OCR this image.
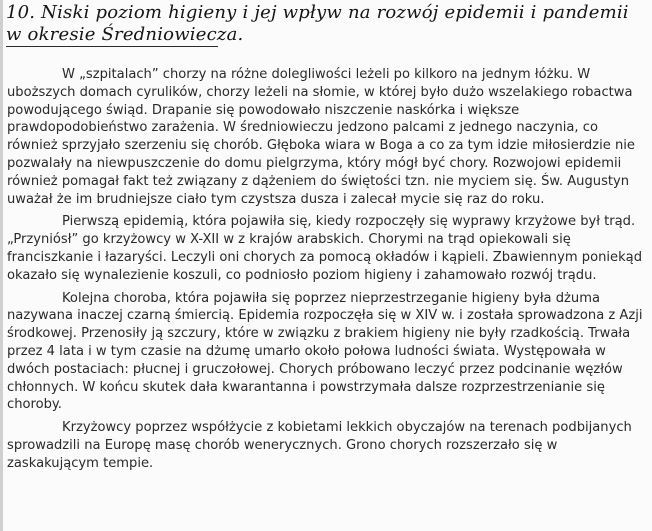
10. Niski poziom higieny i jej wpływ na rozwój epidemii i pandemii w okresie Średniowiecza.

W „szpitalach” chorzy na różne dolegliwości leżeli po kilkoro na jednym łóżku. W uboższych domach cyrulików, chorzy leżeli na słomie, w której było dużo wszelakiego robactwa powodującego świąd. Drapanie się powodowało niszczenie naskórka i większe prawdopodobieństwo zarażenia. W średniowieczu jedzono palcami z jednego naczynia, co również sprzyjało szerzeniu się chorób. Głęboka wiara w Boga a co za tym idzie miłosierdzie nie pozwalały na niewpuszczenie do domu pielgrzyma, który mógł być chory. Rozwojowi epidemii również pomagał fakt też związany z dążeniem do świętości tzn. nie myciem się. Św. Augustyn uważał że im brudniejsze ciało tym czystsza dusza i zalecał mycie się raz do roku.

Pierwszą epidemią, która pojawiła się, kiedy rozpoczęły się wyprawy krzyżowe był trąd. „Przyniósł” go krzyżowcy w X-XII w z krajów arabskich. Chorymi na trąd opiekowali się franciszkanie i łazaryści. Leczyli oni chorych za pomocą okładów i kąpieli. Zbawiennym poniekąd okazało się wynalezienie koszuli, co podniosło poziom higieny i zahamowało rozwój trądu.

Kolejna choroba, która pojawiła się poprzez nieprzestrzeganie higieny była dżuma nazywana inaczej czarną śmiercią. Epidemia rozpoczęła się w XIV w. i została sprowadzona z Azji środkowej. Przenosiły ją szczury, które w związku z brakiem higieny nie były rzadkością. Trwała przez 4 lata i w tym czasie na dżumę umarło około połowa ludności świata. Występowała w dwóch postaciach: płucnej i gruczołowej. Chorych próbowano leczyć przez podcinanie węzłów chłonnych. W końcu skutek dała kwarantanna i powstrzymała dalsze rozprzestrzenianie się choroby.

Krzyżowcy poprzez współżycie z kobietami lekkich obyczajów na terenach podbijanych sprowadzili na Europę masę chorób wenerycznych. Grono chorych rozszerzało się w zaskakującym tempie.
